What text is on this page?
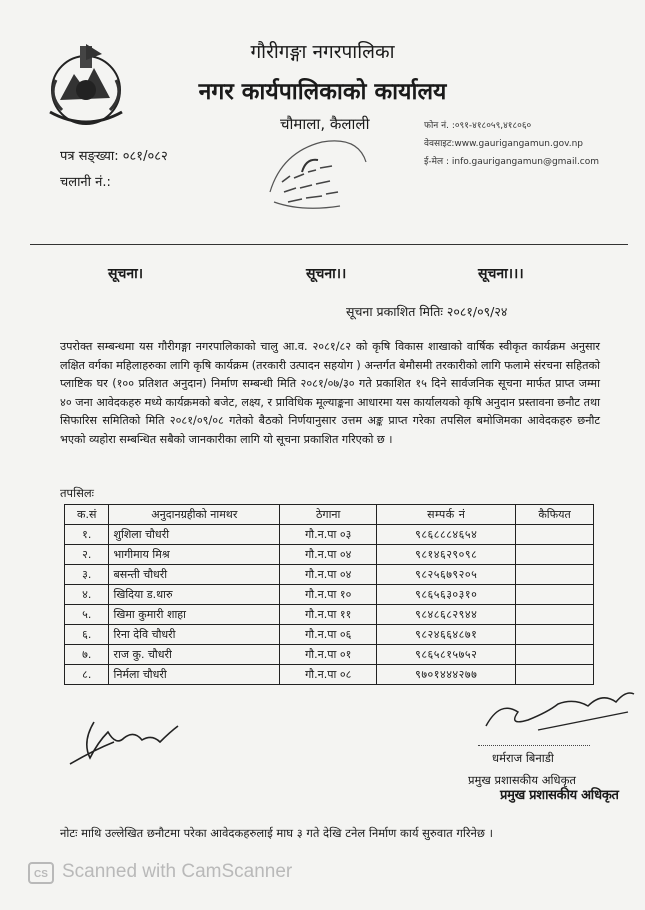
गौरीगङ्गा नगरपालिका
नगर कार्यपालिकाको कार्यालय
चौमाला, कैलाली	फोन नं. :०९१-४१८०५९,४१८०६०
वेवसाइट:www.gaurigangamun.gov.np
ई-मेल : info.gaurigangamun@gmail.com
पत्र सङ्ख्या: ०८१/०८२
चलानी नं.:
सूचना।	सूचना।।	सूचना।।।
सूचना प्रकाशित मितिः २०८१/०९/२४
उपरोक्त सम्बन्धमा यस गौरीगङ्गा नगरपालिकाको चालु आ.व. २०८१/८२ को कृषि विकास शाखाको वार्षिक स्वीकृत कार्यक्रम अनुसार लक्षित वर्गका महिलाहरुका लागि कृषि कार्यक्रम (तरकारी उत्पादन सहयोग ) अन्तर्गत बेमौसमी तरकारीको लागि फलामे संरचना सहितको प्लाष्टिक घर (१०० प्रतिशत अनुदान) निर्माण सम्बन्धी मिति २०८१/०७/३० गते प्रकाशित १५ दिने सार्वजनिक सूचना मार्फत प्राप्त जम्मा ४० जना आवेदकहरु मध्ये कार्यक्रमको बजेट, लक्ष्य, र प्राविधिक मूल्याङ्कना आधारमा यस कार्यालयको कृषि अनुदान प्रस्तावना छनौट तथा सिफारिस समितिको मिति २०८१/०९/०८ गतेको बैठको निर्णयानुसार उत्तम अङ्क प्राप्त गरेका तपसिल बमोजिमका आवेदकहरु छनौट भएको व्यहोरा सम्बन्धित सबैको जानकारीका लागि यो सूचना प्रकाशित गरिएको छ ।
तपसिलः
क.सं	अनुदानग्रहीको नामथर	ठेगाना	सम्पर्क नं	कैफियत
१.	शुशिला चौधरी	गौ.न.पा ०३	९८६८८८४६५४	
२.	भागीमाय मिश्र	गौ.न.पा ०४	९८१४६२९०९८	
३.	बसन्ती चौधरी	गौ.न.पा ०४	९८२५६७९२०५	
४.	खिदिया ड.थारु	गौ.न.पा १०	९८६५६३०३१०	
५.	खिमा कुमारी शाहा	गौ.न.पा ११	९८४८६८२९४४	
६.	रिना देवि चौधरी	गौ.न.पा ०६	९८२४६६४८७१	
७.	राज कु. चौधरी	गौ.न.पा ०१	९८६५८१५७५२	
८.	निर्मला चौधरी	गौ.न.पा ०८	९७०१४४४२७७	
धर्मराज बिनाडी
प्रमुख प्रशासकीय अधिकृत
प्रमुख प्रशासकीय अधिकृत
नोटः माथि उल्लेखित छनौटमा परेका आवेदकहरुलाई माघ ३ गते देखि टनेल निर्माण कार्य सुरुवात गरिनेछ ।
CS Scanned with CamScanner
